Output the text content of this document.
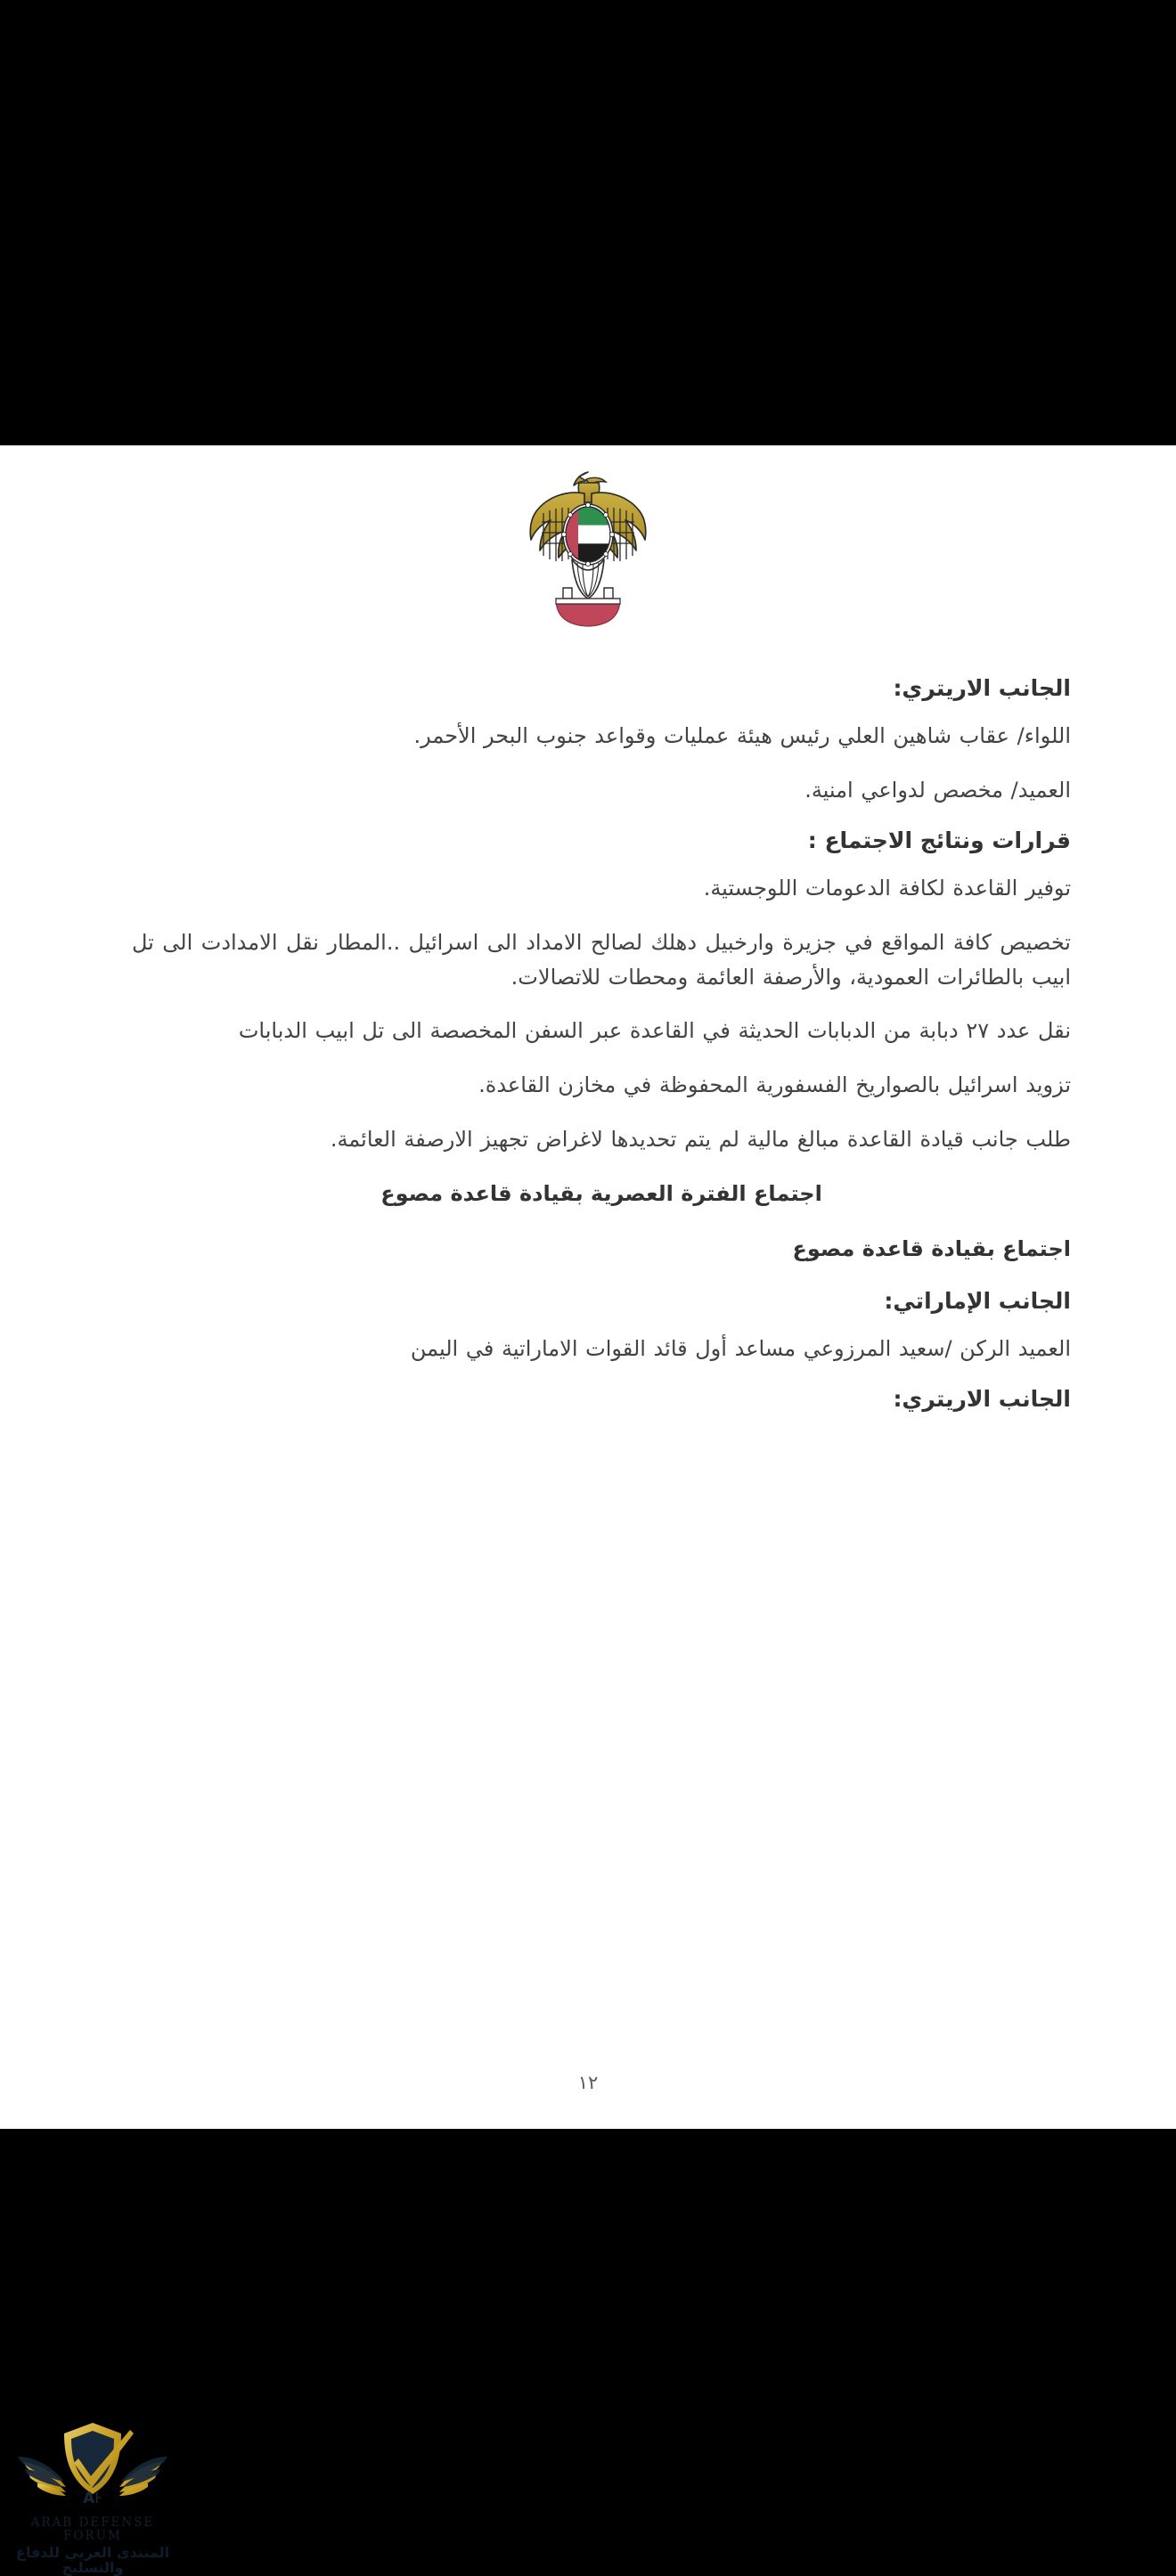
الجانب الاريتري:
اللواء/ عقاب شاهين العلي رئيس هيئة عمليات وقواعد جنوب البحر الأحمر.
العميد/ مخصص لدواعي امنية.
قرارات ونتائج الاجتماع :
توفير القاعدة لكافة الدعومات اللوجستية.
تخصيص كافة المواقع في جزيرة وارخبيل دهلك لصالح الامداد الى اسرائيل ..المطار نقل الامدادت الى تل ابيب بالطائرات العمودية، والأرصفة العائمة ومحطات للاتصالات.
نقل عدد ٢٧ دبابة من الدبابات الحديثة في القاعدة عبر السفن المخصصة الى تل ابيب الدبابات
تزويد اسرائيل بالصواريخ الفسفورية المحفوظة في مخازن القاعدة.
طلب جانب قيادة القاعدة مبالغ مالية لم يتم تحديدها لاغراض تجهيز الارصفة العائمة.
اجتماع الفترة العصرية بقيادة قاعدة مصوع
اجتماع بقيادة قاعدة مصوع
الجانب الإماراتي:
العميد الركن /سعيد المرزوعي مساعد أول قائد القوات الاماراتية في اليمن
الجانب الاريتري:
١٢
꜔A
ARAB DEFENSE FORUM
المنتدى العربي للدفاع والتسليح
